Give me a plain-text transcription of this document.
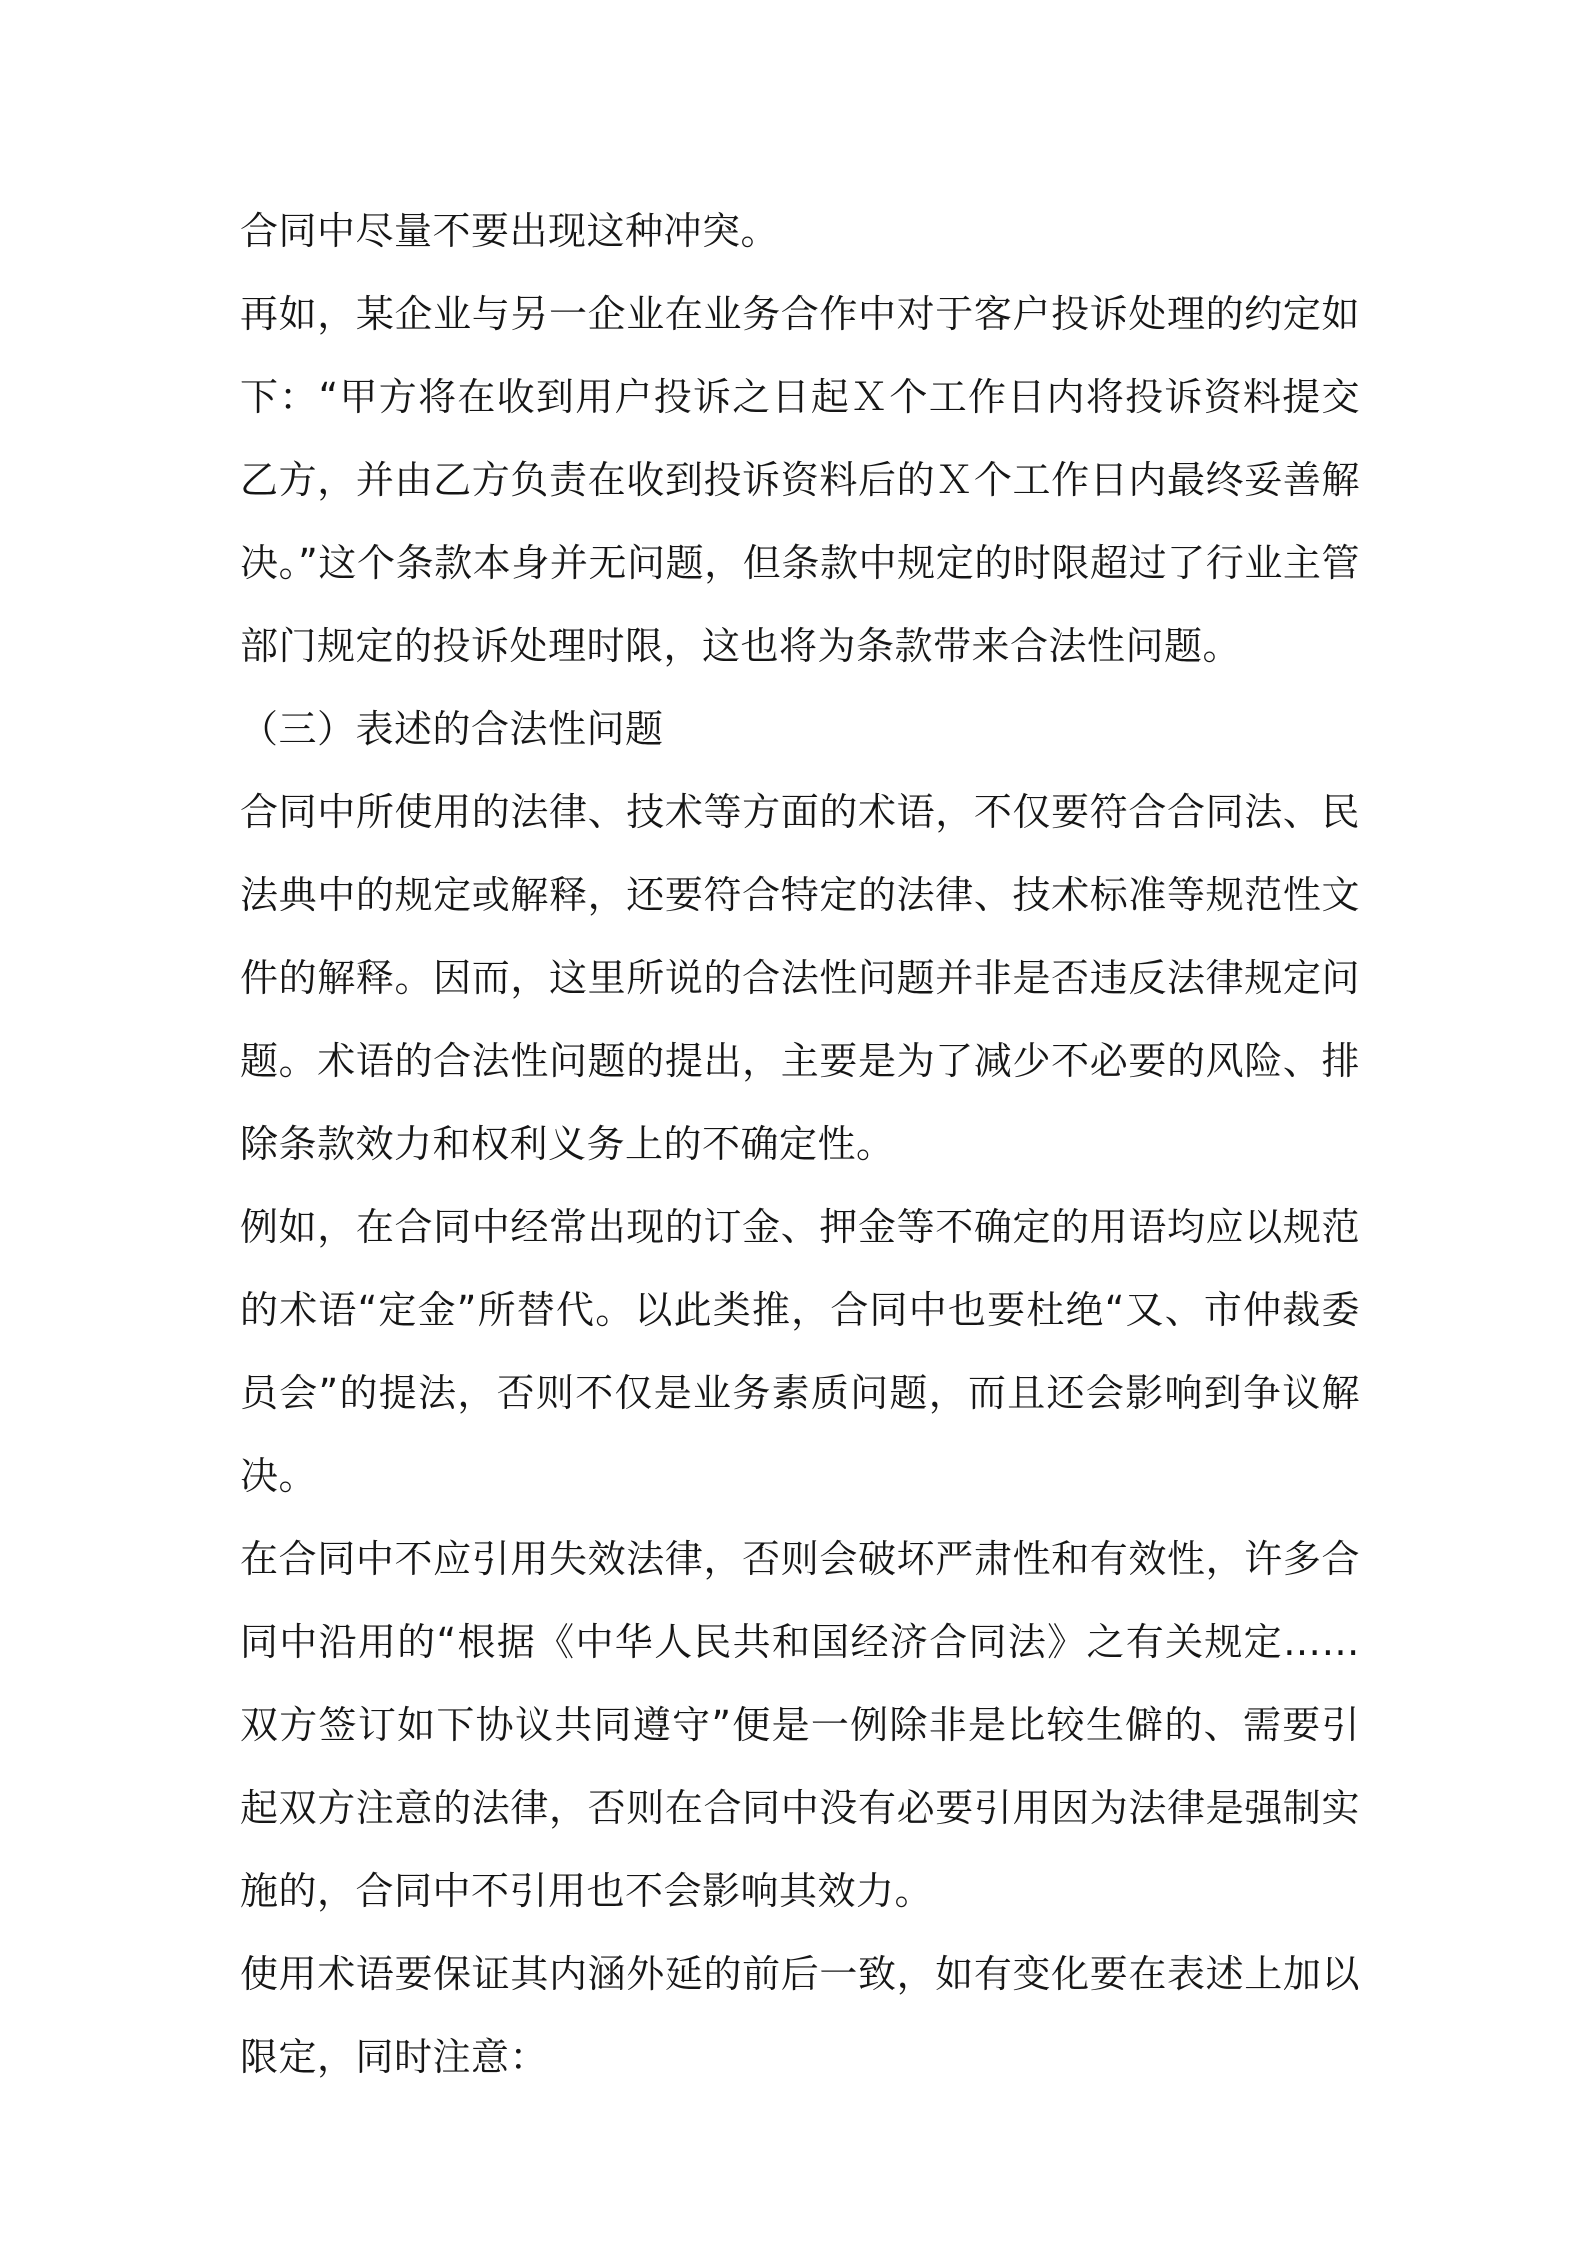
合同中尽量不要出现这种冲突。

再如，某企业与另一企业在业务合作中对于客户投诉处理的约定如下：“甲方将在收到用户投诉之日起Ｘ个工作日内将投诉资料提交乙方，并由乙方负责在收到投诉资料后的Ｘ个工作日内最终妥善解决。”这个条款本身并无问题，但条款中规定的时限超过了行业主管部门规定的投诉处理时限，这也将为条款带来合法性问题。

（三）表述的合法性问题

合同中所使用的法律、技术等方面的术语，不仅要符合合同法、民法典中的规定或解释，还要符合特定的法律、技术标准等规范性文件的解释。因而，这里所说的合法性问题并非是否违反法律规定问题。术语的合法性问题的提出，主要是为了减少不必要的风险、排除条款效力和权利义务上的不确定性。

例如，在合同中经常出现的订金、押金等不确定的用语均应以规范的术语“定金”所替代。以此类推，合同中也要杜绝“又、市仲裁委员会”的提法，否则不仅是业务素质问题，而且还会影响到争议解决。

在合同中不应引用失效法律，否则会破坏严肃性和有效性，许多合同中沿用的“根据《中华人民共和国经济合同法》之有关规定……双方签订如下协议共同遵守”便是一例除非是比较生僻的、需要引起双方注意的法律，否则在合同中没有必要引用因为法律是强制实施的，合同中不引用也不会影响其效力。

使用术语要保证其内涵外延的前后一致，如有变化要在表述上加以限定，同时注意：
